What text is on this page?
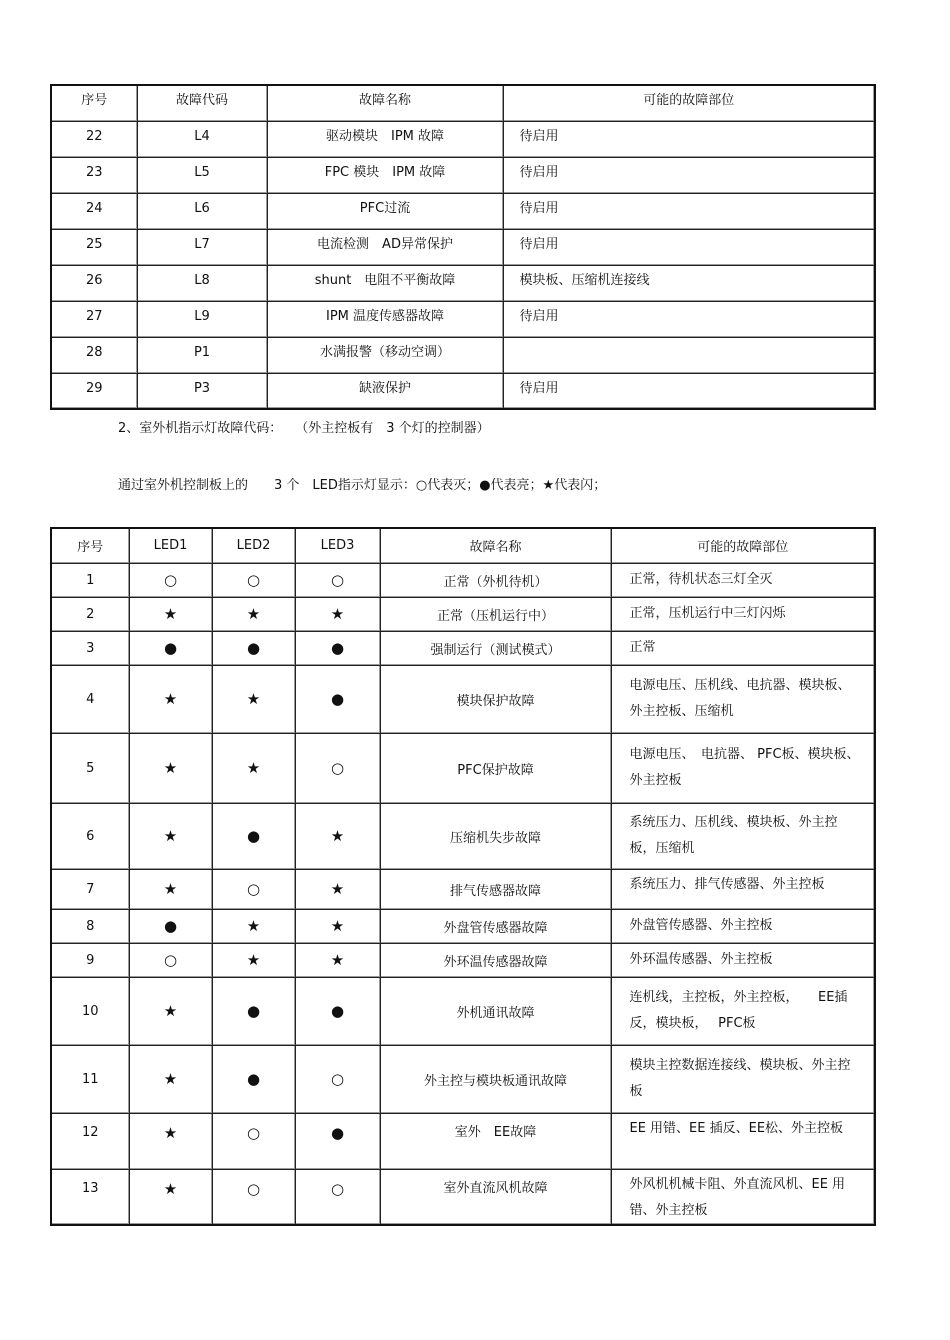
序号	故障代码	故障名称	可能的故障部位
22	L4	驱动模块　IPM 故障	待启用
23	L5	FPC 模块　IPM 故障	待启用
24	L6	PFC过流	待启用
25	L7	电流检测　AD异常保护	待启用
26	L8	shunt　电阻不平衡故障	模块板、压缩机连接线
27	L9	IPM 温度传感器故障	待启用
28	P1	水满报警（移动空调）	
29	P3	缺液保护	待启用
2、室外机指示灯故障代码：　　（外主控板有　3 个灯的控制器）
通过室外机控制板上的　　3 个　LED指示灯显示：○代表灭；●代表亮；★代表闪；
序号	LED1	LED2	LED3	故障名称	可能的故障部位
1	○	○	○	正常（外机待机）	正常，待机状态三灯全灭
2	★	★	★	正常（压机运行中）	正常，压机运行中三灯闪烁
3	●	●	●	强制运行（测试模式）	正常
4	★	★	●	模块保护故障	电源电压、压机线、电抗器、模块板、外主控板、压缩机
5	★	★	○	PFC保护故障	电源电压、　电抗器、 PFC板、模块板、外主控板
6	★	●	★	压缩机失步故障	系统压力、压机线、模块板、外主控板，压缩机
7	★	○	★	排气传感器故障	系统压力、排气传感器、外主控板
8	●	★	★	外盘管传感器故障	外盘管传感器、外主控板
9	○	★	★	外环温传感器故障	外环温传感器、外主控板
10	★	●	●	外机通讯故障	连机线，主控板，外主控板，　　EE插反，模块板，　 PFC板
11	★	●	○	外主控与模块板通讯故障	模块主控数据连接线、模块板、外主控板
12	★	○	●	室外　EE故障	EE 用错、EE 插反、EE松、外主控板
13	★	○	○	室外直流风机故障	外风机机械卡阻、外直流风机、EE 用错、外主控板
